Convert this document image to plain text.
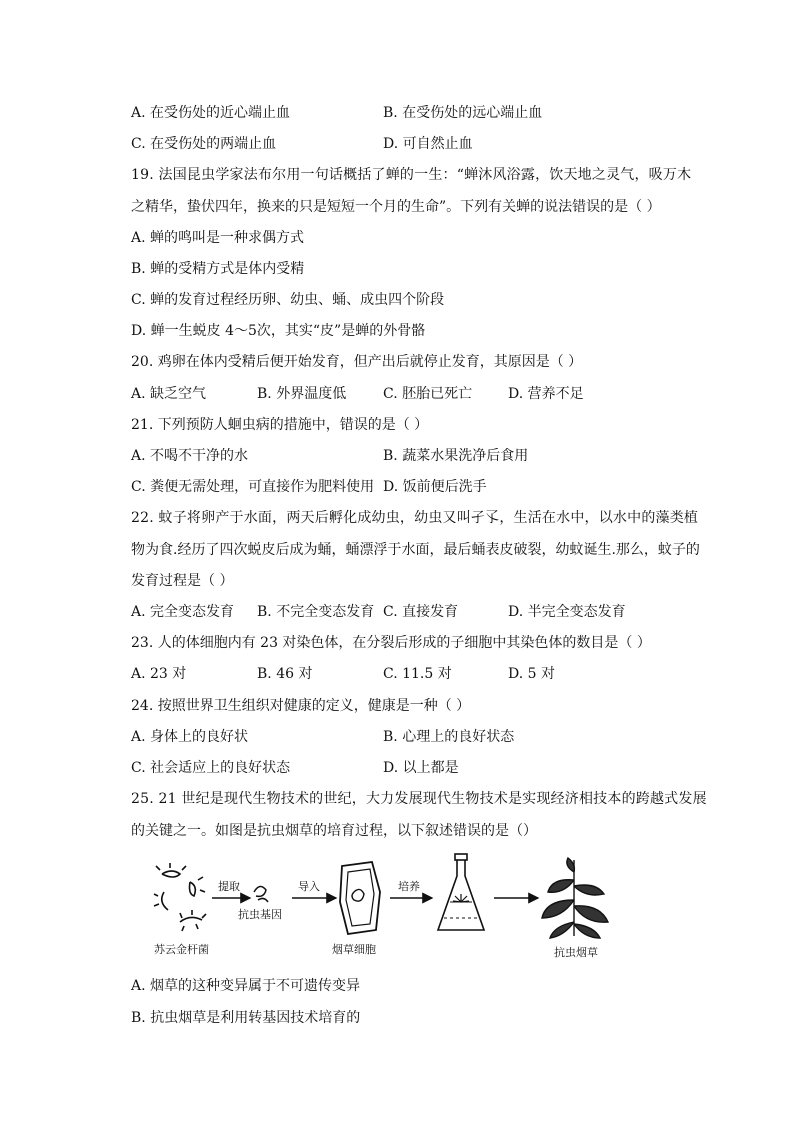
A. 在受伤处的近心端止血	B. 在受伤处的远心端止血
C. 在受伤处的两端止血	D. 可自然止血
19. 法国昆虫学家法布尔用一句话概括了蝉的一生：“蝉沐风浴露，饮天地之灵气，吸万木
之精华，蛰伏四年，换来的只是短短一个月的生命”。下列有关蝉的说法错误的是（ ）
A. 蝉的鸣叫是一种求偶方式
B. 蝉的受精方式是体内受精
C. 蝉的发育过程经历卵、幼虫、蛹、成虫四个阶段
D. 蝉一生蜕皮 4～5次，其实“皮”是蝉的外骨骼
20. 鸡卵在体内受精后便开始发育，但产出后就停止发育，其原因是（ ）
A. 缺乏空气	B. 外界温度低	C. 胚胎已死亡	D. 营养不足
21. 下列预防人蛔虫病的措施中，错误的是（ ）
A. 不喝不干净的水	B. 蔬菜水果洗净后食用
C. 粪便无需处理，可直接作为肥料使用 D. 饭前便后洗手
22. 蚊子将卵产于水面，两天后孵化成幼虫，幼虫又叫孑孓，生活在水中，以水中的藻类植
物为食.经历了四次蜕皮后成为蛹，蛹漂浮于水面，最后蛹表皮破裂，幼蚊诞生.那么，蚊子的
发育过程是（ ）
A. 完全变态发育 B. 不完全变态发育 C. 直接发育	D. 半完全变态发育
23. 人的体细胞内有 23 对染色体，在分裂后形成的子细胞中其染色体的数目是（ ）
A. 23 对	B. 46 对	C. 11.5 对	D. 5 对
24. 按照世界卫生组织对健康的定义，健康是一种（ ）
A. 身体上的良好状	B. 心理上的良好状态
C. 社会适应上的良好状态	D. 以上都是
25. 21 世纪是现代生物技术的世纪，大力发展现代生物技术是实现经济相技本的跨越式发展
的关键之一。如图是抗虫烟草的培育过程，以下叙述错误的是（）
苏云金杆菌
提取
抗虫基因
导入
烟草细胞
培养
抗虫烟草
A. 烟草的这种变异属于不可遗传变异
B. 抗虫烟草是利用转基因技术培育的
